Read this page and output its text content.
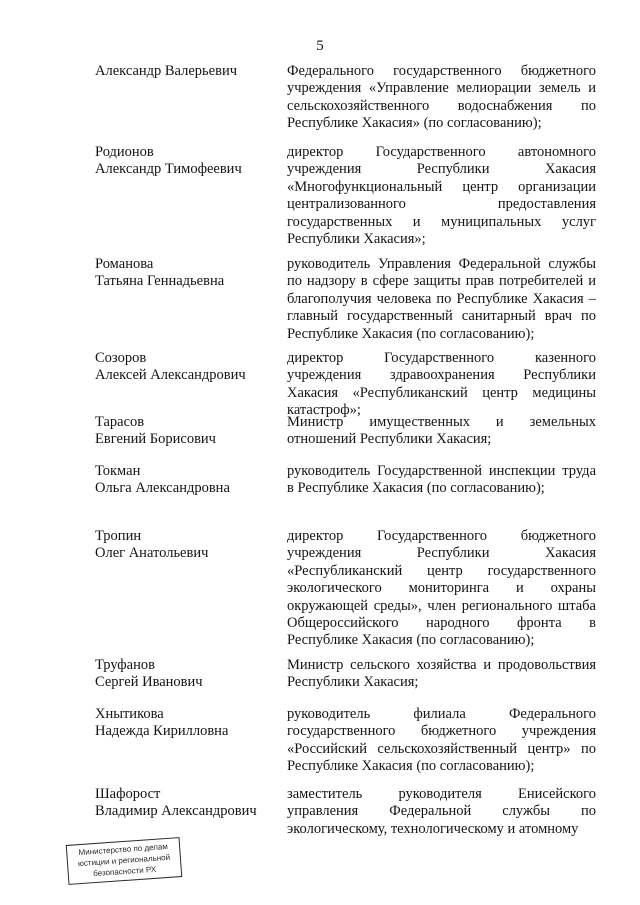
5
Александр Валерьевич	Федерального государственного бюджетного учреждения «Управление мелиорации земель и сельскохозяйственного водоснабжения по Республике Хакасия» (по согласованию);
Родионов
Александр Тимофеевич
директор Государственного автономного учреждения Республики Хакасия «Многофункциональный центр организации централизованного предоставления государственных и муниципальных услуг Республики Хакасия»;
Романова
Татьяна Геннадьевна
руководитель Управления Федеральной службы по надзору в сфере защиты прав потребителей и благополучия человека по Республике Хакасия – главный государственный санитарный врач по Республике Хакасия (по согласованию);
Созоров
Алексей Александрович
директор Государственного казенного учреждения здравоохранения Республики Хакасия «Республиканский центр медицины катастроф»;
Тарасов
Евгений Борисович
Министр имущественных и земельных отношений Республики Хакасия;
Токман
Ольга Александровна
руководитель Государственной инспекции труда в Республике Хакасия (по согласованию);
Тропин
Олег Анатольевич
директор Государственного бюджетного учреждения Республики Хакасия «Республиканский центр государственного экологического мониторинга и охраны окружающей среды», член регионального штаба Общероссийского народного фронта в Республике Хакасия (по согласованию);
Труфанов
Сергей Иванович
Министр сельского хозяйства и продовольствия Республики Хакасия;
Хнытикова
Надежда Кирилловна
руководитель филиала Федерального государственного бюджетного учреждения «Российский сельскохозяйственный центр» по Республике Хакасия (по согласованию);
Шафорост
Владимир Александрович
заместитель руководителя Енисейского управления Федеральной службы по экологическому, технологическому и атомному
Министерство по делам
юстиции и региональной
безопасности РХ
